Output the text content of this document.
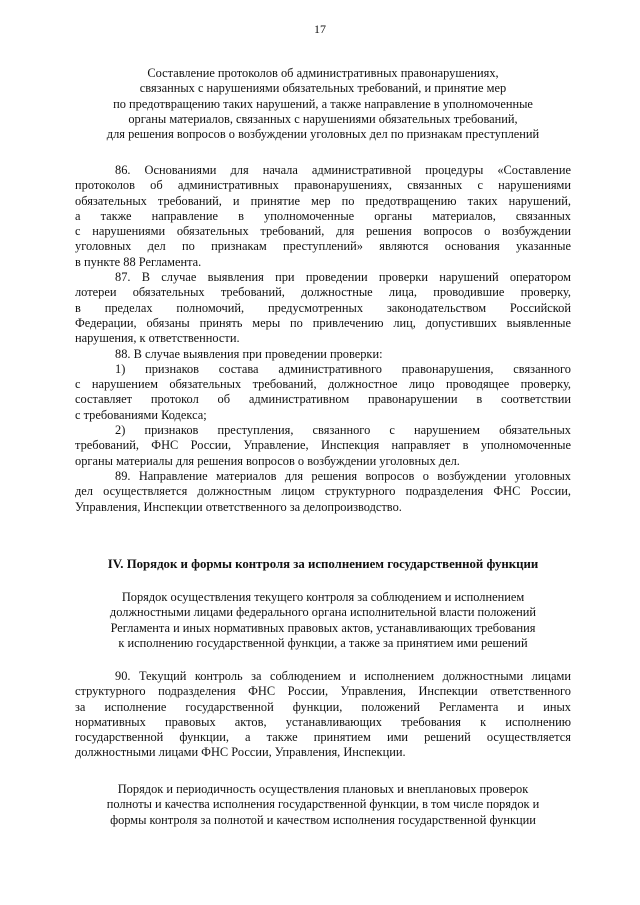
17
Составление протоколов об административных правонарушениях,
связанных с нарушениями обязательных требований, и принятие мер
по предотвращению таких нарушений, а также направление в уполномоченные
органы материалов, связанных с нарушениями обязательных требований,
для решения вопросов о возбуждении уголовных дел по признакам преступлений

86. Основаниями для начала административной процедуры «Составление

протоколов об административных правонарушениях, связанных с нарушениями

обязательных требований, и принятие мер по предотвращению таких нарушений,

а также направление в уполномоченные органы материалов, связанных

с нарушениями обязательных требований, для решения вопросов о возбуждении

уголовных дел по признакам преступлений» являются основания указанные

в пункте 88 Регламента.

87. В случае выявления при проведении проверки нарушений оператором

лотереи обязательных требований, должностные лица, проводившие проверку,

в пределах полномочий, предусмотренных законодательством Российской

Федерации, обязаны принять меры по привлечению лиц, допустивших выявленные

нарушения, к ответственности.

88. В случае выявления при проведении проверки:

1) признаков состава административного правонарушения, связанного

с нарушением обязательных требований, должностное лицо проводящее проверку,

составляет протокол об административном правонарушении в соответствии

с требованиями Кодекса;

2) признаков преступления, связанного с нарушением обязательных

требований, ФНС России, Управление, Инспекция направляет в уполномоченные

органы материалы для решения вопросов о возбуждении уголовных дел.

89. Направление материалов для решения вопросов о возбуждении уголовных

дел осуществляется должностным лицом структурного подразделения ФНС России,

Управления, Инспекции ответственного за делопроизводство.

IV. Порядок и формы контроля за исполнением государственной функции
Порядок осуществления текущего контроля за соблюдением и исполнением
должностными лицами федерального органа исполнительной власти положений
Регламента и иных нормативных правовых актов, устанавливающих требования
к исполнению государственной функции, а также за принятием ими решений

90. Текущий контроль за соблюдением и исполнением должностными лицами

структурного подразделения ФНС России, Управления, Инспекции ответственного

за исполнение государственной функции, положений Регламента и иных

нормативных правовых актов, устанавливающих требования к исполнению

государственной функции, а также принятием ими решений осуществляется

должностными лицами ФНС России, Управления, Инспекции.

Порядок и периодичность осуществления плановых и внеплановых проверок
полноты и качества исполнения государственной функции, в том числе порядок и
формы контроля за полнотой и качеством исполнения государственной функции
